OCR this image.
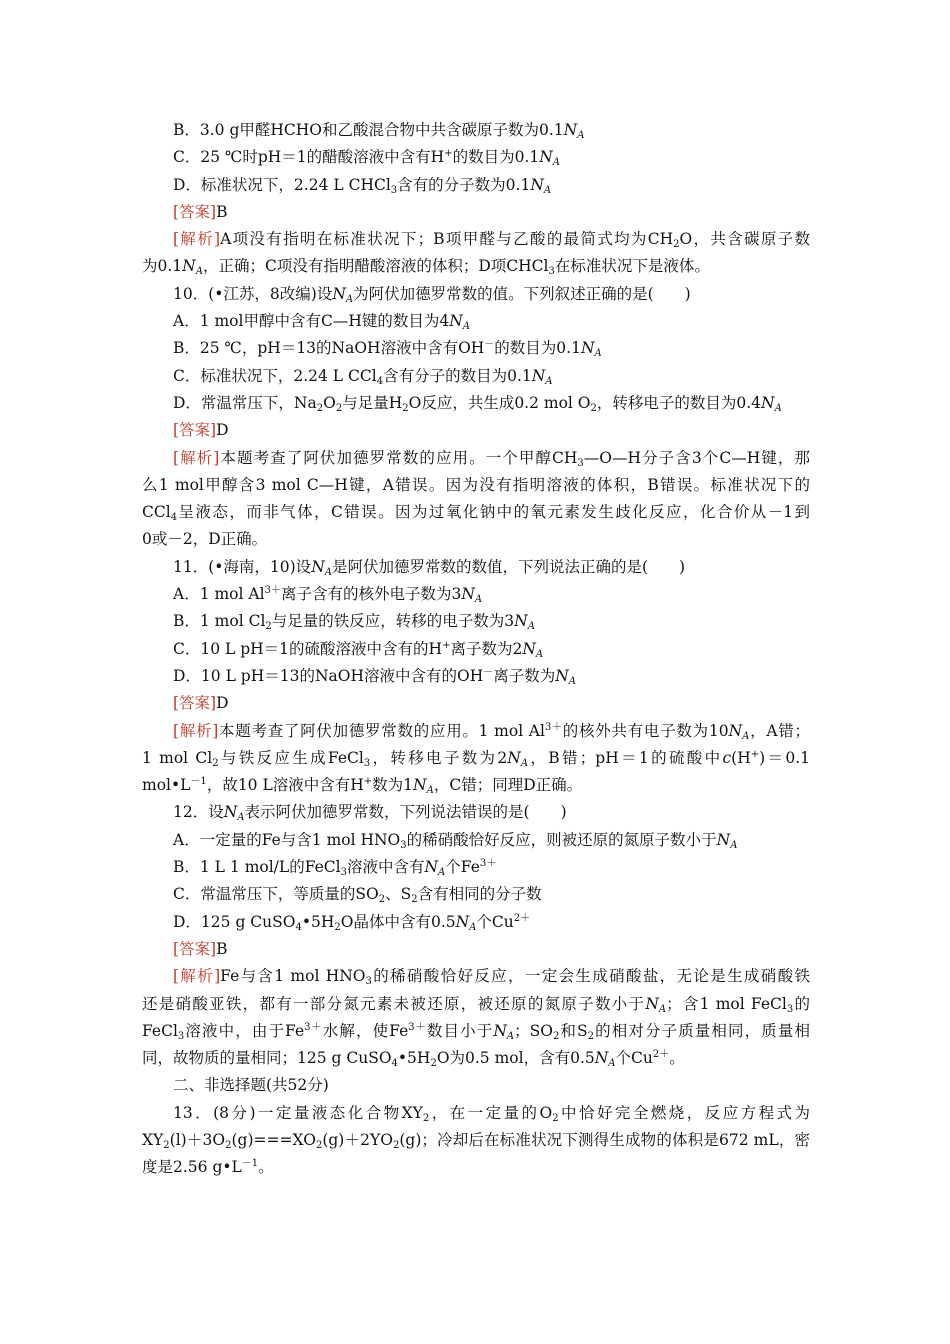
B．3.0 g甲醛HCHO和乙酸混合物中共含碳原子数为$0.1N_A$
C．25 ℃时pH＝1的醋酸溶液中含有H+的数目为$0.1N_A$
D．标准状况下，2.24 L CHCl$_3$含有的分子数为$0.1N_A$
[答案]B
[解析]A项没有指明在标准状况下；B项甲醛与乙酸的最简式均为$CH_2O$，共含碳原子数
为$0.1N_A$，正确；C项没有指明醋酸溶液的体积；D项CHCl$_3$在标准状况下是液体。
10．(•江苏，8改编)设$N_A$为阿伏加德罗常数的值。下列叙述正确的是(　　)
A．1 mol甲醇中含有C—H键的数目为$4N_A$
B．25 ℃，pH＝13的NaOH溶液中含有OH－的数目为$0.1N_A$
C．标准状况下，2.24 L CCl$_4$含有分子的数目为$0.1N_A$
D．常温常压下，$Na_2O_2$与足量$H_2O$反应，共生成0.2 mol $O_2$，转移电子的数目为$0.4N_A$
[答案]D
[解析]本题考查了阿伏加德罗常数的应用。一个甲醇$CH_3—O—H$分子含3个C—H键，那
么1 mol甲醇含3 mol C—H键，A错误。因为没有指明溶液的体积，B错误。标准状况下的
CCl$_4$呈液态，而非气体，C错误。因为过氧化钠中的氧元素发生歧化反应，化合价从－1到
0或－2，D正确。
11．(•海南，10)设$N_A$是阿伏加德罗常数的数值，下列说法正确的是(　　)
A．1 mol $Al^{3+}$离子含有的核外电子数为$3N_A$
B．1 mol $Cl_2$与足量的铁反应，转移的电子数为$3N_A$
C．10 L pH＝1的硫酸溶液中含有的H+离子数为$2N_A$
D．10 L pH＝13的NaOH溶液中含有的OH－离子数为$N_A$
[答案]D
[解析]本题考查了阿伏加德罗常数的应用。1 mol $Al^{3+}$的核外共有电子数为$10N_A$，A错；
1 mol $Cl_2$与铁反应生成FeCl$_3$，转移电子数为$2N_A$，B错；pH＝1的硫酸中c(H+)＝0.1
$mol•L^{-1}$，故10 L溶液中含有H+数为$1N_A$，C错；同理D正确。
12．设$N_A$表示阿伏加德罗常数，下列说法错误的是(　　)
A．一定量的Fe与含1 mol $HNO_3$的稀硝酸恰好反应，则被还原的氮原子数小于$N_A$
B．1 L 1 mol/L的FeCl$_3$溶液中含有$N_A$个$Fe^{3+}$
C．常温常压下，等质量的$SO_2$、$S_2$含有相同的分子数
D．125 g $CuSO_4•5H_2O$晶体中含有$0.5N_A$个$Cu^{2+}$
[答案]B
[解析]Fe与含1 mol $HNO_3$的稀硝酸恰好反应，一定会生成硝酸盐，无论是生成硝酸铁
还是硝酸亚铁，都有一部分氮元素未被还原，被还原的氮原子数小于$N_A$；含1 mol FeCl$_3$的
FeCl$_3$溶液中，由于$Fe^{3+}$水解，使$Fe^{3+}$数目小于$N_A$；$SO_2$和$S_2$的相对分子质量相同，质量相
同，故物质的量相同；125 g $CuSO_4•5H_2O$为0.5 mol，含有$0.5N_A$个$Cu^{2+}$。
二、非选择题(共52分)
13．(8分)一定量液态化合物$XY_2$，在一定量的$O_2$中恰好完全燃烧，反应方程式为
$XY_2(l)+3O_2(g)===XO_2(g)+2YO_2(g)$；冷却后在标准状况下测得生成物的体积是672 mL，密
度是2.56 $g•L^{-1}$。
